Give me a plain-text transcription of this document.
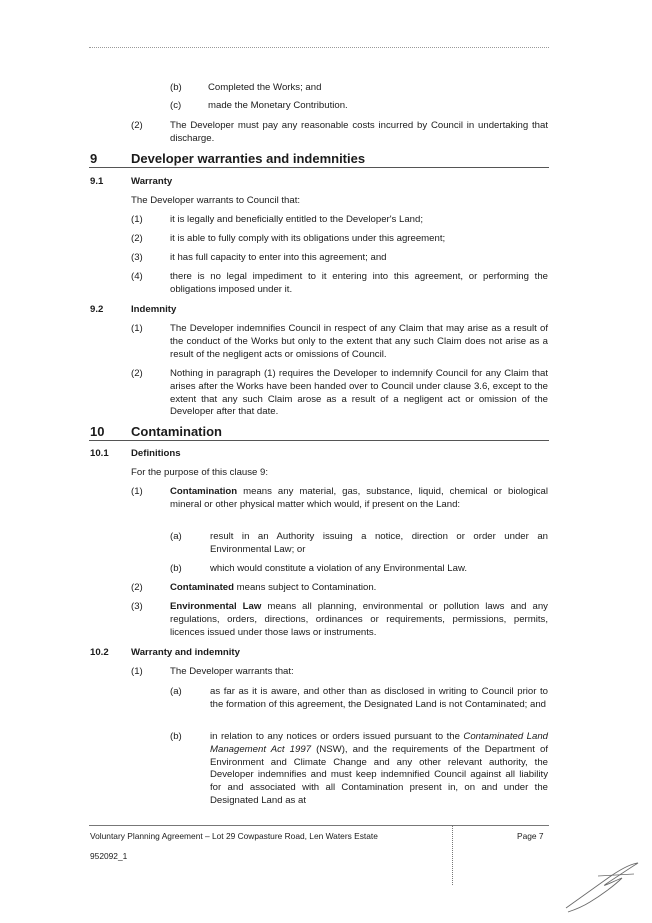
(b)	Completed the Works; and

(c)	made the Monetary Contribution.

(2)	The Developer must pay any reasonable costs incurred by Council in undertaking that discharge.

9	Developer warranties and indemnities
9.1	Warranty

The Developer warrants to Council that:

(1)	it is legally and beneficially entitled to the Developer's Land;

(2)	it is able to fully comply with its obligations under this agreement;

(3)	it has full capacity to enter into this agreement; and

(4)	there is no legal impediment to it entering into this agreement, or performing the obligations imposed under it.

9.2	Indemnity
(1)	The Developer indemnifies Council in respect of any Claim that may arise as a result of the conduct of the Works but only to the extent that any such Claim does not arise as a result of the negligent acts or omissions of Council.

(2)	Nothing in paragraph (1) requires the Developer to indemnify Council for any Claim that arises after the Works have been handed over to Council under clause 3.6, except to the extent that any such Claim arose as a result of a negligent act or omission of the Developer after that date.

10 Contamination
10.1 Definitions

For the purpose of this clause 9:

(1)	Contamination means any material, gas, substance, liquid, chemical or biological mineral or other physical matter which would, if present on the Land:

(a)	result in an Authority issuing a notice, direction or order under an Environmental Law; or

(b)	which would constitute a violation of any Environmental Law.

(2)	Contaminated means subject to Contamination.

(3)	Environmental Law means all planning, environmental or pollution laws and any regulations, orders, directions, ordinances or requirements, permissions, permits, licences issued under those laws or instruments.

10.2 Warranty and indemnity
(1)	The Developer warrants that:

(a)	as far as it is aware, and other than as disclosed in writing to Council prior to the formation of this agreement, the Designated Land is not Contaminated; and

(b)	in relation to any notices or orders issued pursuant to the Contaminated Land Management Act 1997 (NSW), and the requirements of the Department of Environment and Climate Change and any other relevant authority, the Developer indemnifies and must keep indemnified Council against all liability for and associated with all Contamination present in, on and under the Designated Land as at

Voluntary Planning Agreement – Lot 29 Cowpasture Road, Len Waters Estate
952092_1
Page 7
